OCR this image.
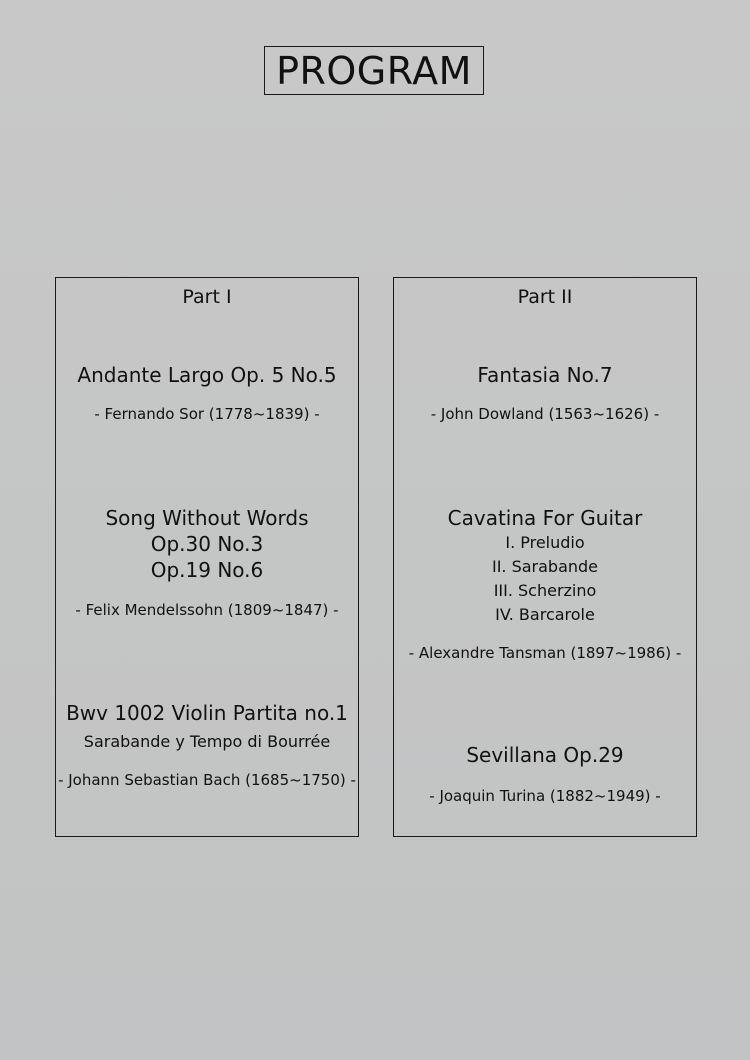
PROGRAM
Part I
Andante Largo Op. 5 No.5
- Fernando Sor (1778~1839) -
Song Without Words
Op.30 No.3
Op.19 No.6
- Felix Mendelssohn (1809~1847) -
Bwv 1002 Violin Partita no.1
Sarabande y Tempo di Bourrée
- Johann Sebastian Bach (1685~1750) -
Part II
Fantasia No.7
- John Dowland (1563~1626) -
Cavatina For Guitar
I. Preludio
II. Sarabande
III. Scherzino
IV. Barcarole
- Alexandre Tansman (1897~1986) -
Sevillana Op.29
- Joaquin Turina (1882~1949) -
